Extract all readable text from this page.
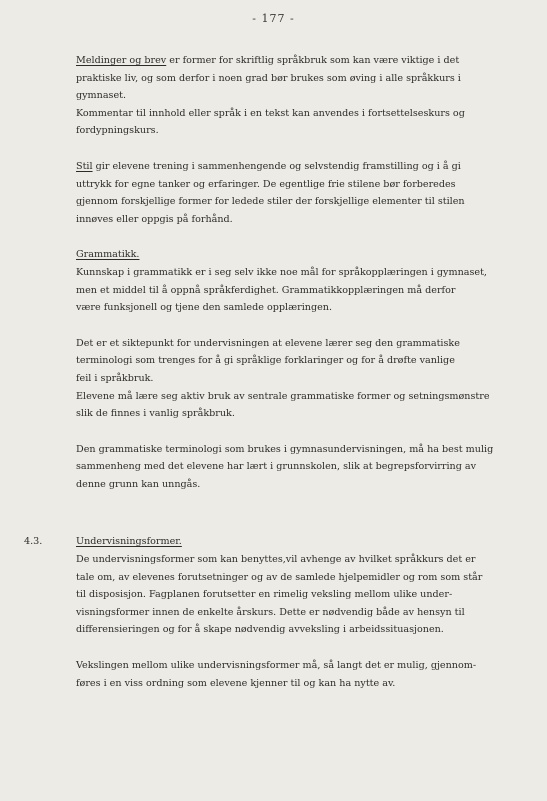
- 177 -

Meldinger og brev er former for skriftlig språkbruk som kan være viktige i det

praktiske liv, og som derfor i noen grad bør brukes som øving i alle språkkurs i

gymnaset.

Kommentar til innhold eller språk i en tekst kan anvendes i fortsettelseskurs og

fordypningskurs.

Stil gir elevene trening i sammenhengende og selvstendig framstilling og i å gi

uttrykk for egne tanker og erfaringer. De egentlige frie stilene bør forberedes

gjennom forskjellige former for ledede stiler der forskjellige elementer til stilen

innøves eller oppgis på forhånd.

Grammatikk.

Kunnskap i grammatikk er i seg selv ikke noe mål for språkopplæringen i gymnaset,

men et middel til å oppnå språkferdighet. Grammatikkopplæringen må derfor

være funksjonell og tjene den samlede opplæringen.

Det er et siktepunkt for undervisningen at elevene lærer seg den grammatiske

terminologi som trenges for å gi språklige forklaringer og for å drøfte vanlige

feil i språkbruk.

Elevene må lære seg aktiv bruk av sentrale grammatiske former og setningsmønstre

slik de finnes i vanlig språkbruk.

Den grammatiske terminologi som brukes i gymnasundervisningen, må ha best mulig

sammenheng med det elevene har lært i grunnskolen, slik at begrepsforvirring av

denne grunn kan unngås.

4.3.	Undervisningsformer.

De undervisningsformer som kan benyttes,vil avhenge av hvilket språkkurs det er

tale om, av elevenes forutsetninger og av de samlede hjelpemidler og rom som står

til disposisjon. Fagplanen forutsetter en rimelig veksling mellom ulike under-

visningsformer innen de enkelte årskurs. Dette er nødvendig både av hensyn til

differensieringen og for å skape nødvendig avveksling i arbeidssituasjonen.

Vekslingen mellom ulike undervisningsformer må, så langt det er mulig, gjennom-

føres i en viss ordning som elevene kjenner til og kan ha nytte av.
